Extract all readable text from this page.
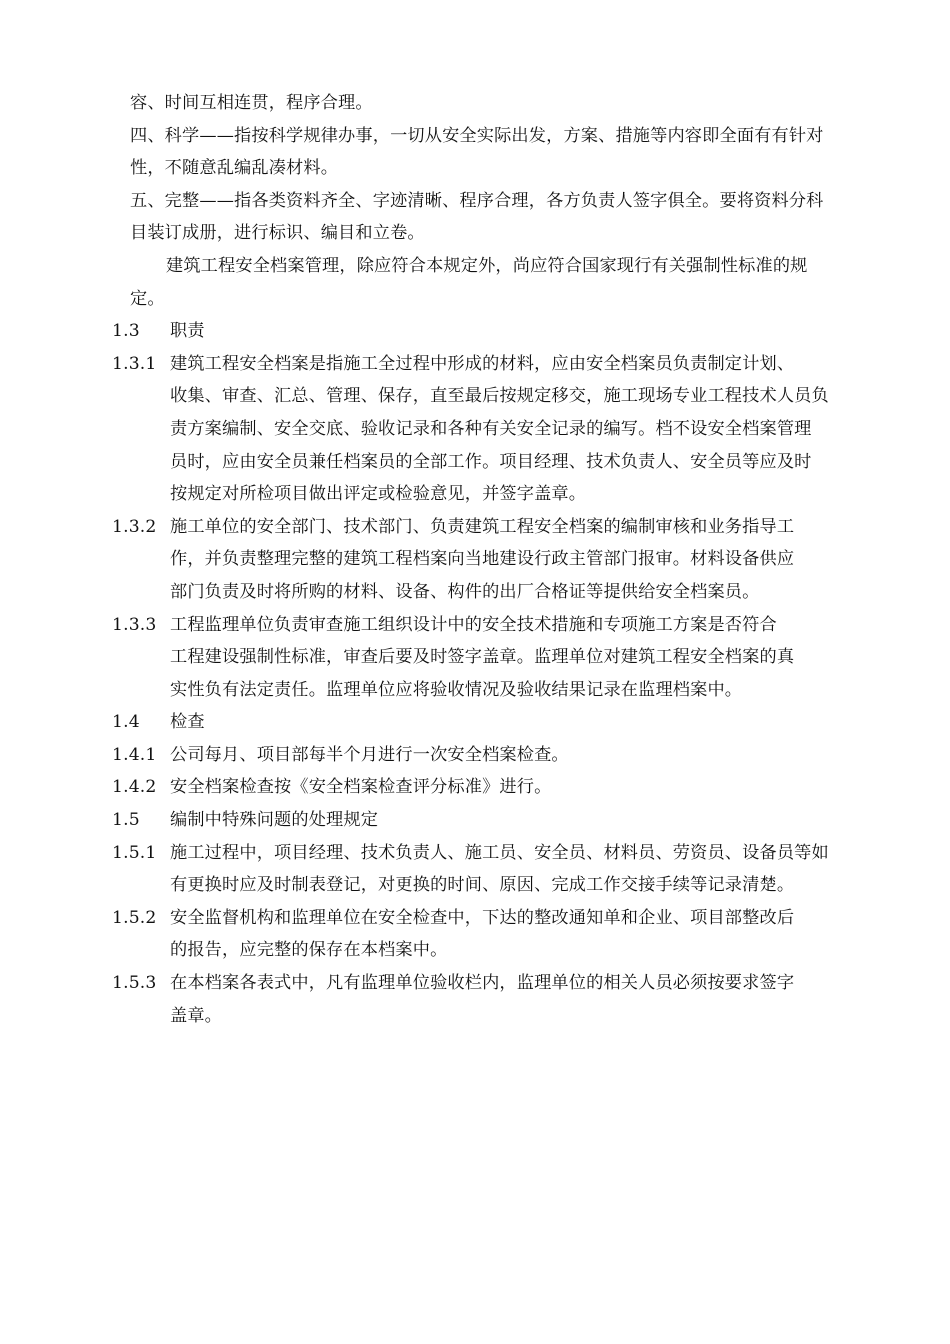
容、时间互相连贯，程序合理。
四、科学——指按科学规律办事，一切从安全实际出发，方案、措施等内容即全面有有针对
性，不随意乱编乱凑材料。
五、完整——指各类资料齐全、字迹清晰、程序合理，各方负责人签字俱全。要将资料分科
目装订成册，进行标识、编目和立卷。
建筑工程安全档案管理，除应符合本规定外，尚应符合国家现行有关强制性标准的规
定。
1.3	职责
1.3.1 建筑工程安全档案是指施工全过程中形成的材料，应由安全档案员负责制定计划、
收集、审查、汇总、管理、保存，直至最后按规定移交，施工现场专业工程技术人员负
责方案编制、安全交底、验收记录和各种有关安全记录的编写。档不设安全档案管理
员时，应由安全员兼任档案员的全部工作。项目经理、技术负责人、安全员等应及时
按规定对所检项目做出评定或检验意见，并签字盖章。
1.3.2 施工单位的安全部门、技术部门、负责建筑工程安全档案的编制审核和业务指导工
作，并负责整理完整的建筑工程档案向当地建设行政主管部门报审。材料设备供应
部门负责及时将所购的材料、设备、构件的出厂合格证等提供给安全档案员。
1.3.3 工程监理单位负责审查施工组织设计中的安全技术措施和专项施工方案是否符合
工程建设强制性标准，审查后要及时签字盖章。监理单位对建筑工程安全档案的真
实性负有法定责任。监理单位应将验收情况及验收结果记录在监理档案中。
1.4	检查
1.4.1 公司每月、项目部每半个月进行一次安全档案检查。
1.4.2 安全档案检查按《安全档案检查评分标准》进行。
1.5	编制中特殊问题的处理规定
1.5.1 施工过程中，项目经理、技术负责人、施工员、安全员、材料员、劳资员、设备员等如
有更换时应及时制表登记，对更换的时间、原因、完成工作交接手续等记录清楚。
1.5.2 安全监督机构和监理单位在安全检查中，下达的整改通知单和企业、项目部整改后
的报告，应完整的保存在本档案中。
1.5.3 在本档案各表式中，凡有监理单位验收栏内，监理单位的相关人员必须按要求签字
盖章。
